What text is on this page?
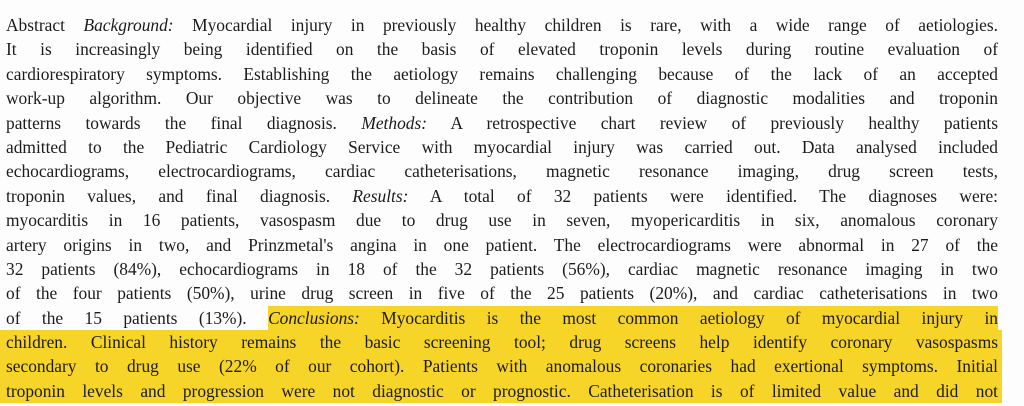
Abstract Background: Myocardial injury in previously healthy children is rare, with a wide range of aetiologies.
It is increasingly being identified on the basis of elevated troponin levels during routine evaluation of
cardiorespiratory symptoms. Establishing the aetiology remains challenging because of the lack of an accepted
work-up algorithm. Our objective was to delineate the contribution of diagnostic modalities and troponin
patterns towards the final diagnosis. Methods: A retrospective chart review of previously healthy patients
admitted to the Pediatric Cardiology Service with myocardial injury was carried out. Data analysed included
echocardiograms, electrocardiograms, cardiac catheterisations, magnetic resonance imaging, drug screen tests,
troponin values, and final diagnosis. Results: A total of 32 patients were identified. The diagnoses were:
myocarditis in 16 patients, vasospasm due to drug use in seven, myopericarditis in six, anomalous coronary
artery origins in two, and Prinzmetal's angina in one patient. The electrocardiograms were abnormal in 27 of the
32 patients (84%), echocardiograms in 18 of the 32 patients (56%), cardiac magnetic resonance imaging in two
of the four patients (50%), urine drug screen in five of the 25 patients (20%), and cardiac catheterisations in two
of the 15 patients (13%). Conclusions: Myocarditis is the most common aetiology of myocardial injury in
children. Clinical history remains the basic screening tool; drug screens help identify coronary vasospasms
secondary to drug use (22% of our cohort). Patients with anomalous coronaries had exertional symptoms. Initial
troponin levels and progression were not diagnostic or prognostic. Catheterisation is of limited value and did not
